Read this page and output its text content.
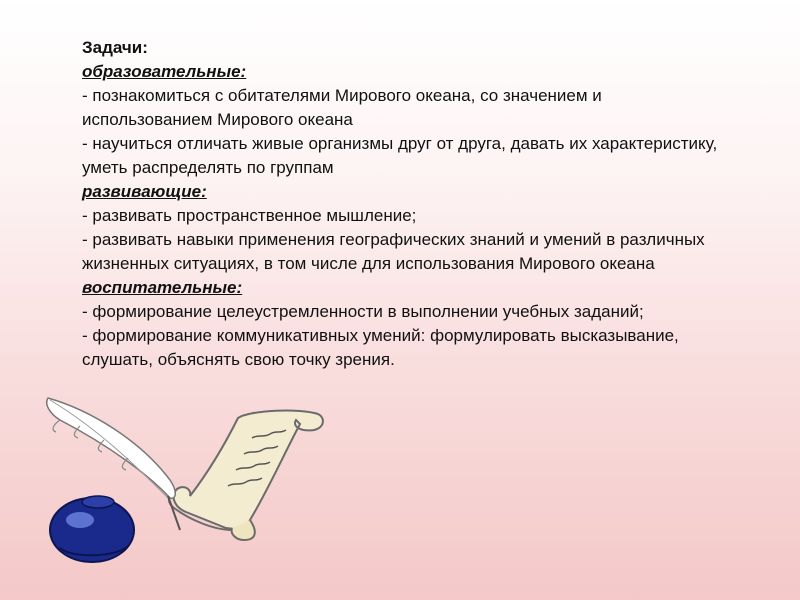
Задачи:

образовательные:

- познакомиться с обитателями Мирового океана, со значением и использованием Мирового океана

- научиться отличать живые организмы друг от друга, давать их характеристику, уметь распределять по группам

развивающие:

- развивать пространственное мышление;

- развивать навыки применения географических знаний и умений в различных жизненных ситуациях, в том числе для использования Мирового океана

воспитательные:

- формирование целеустремленности в выполнении учебных заданий;

- формирование коммуникативных умений: формулировать высказывание, слушать, объяснять свою точку зрения.
